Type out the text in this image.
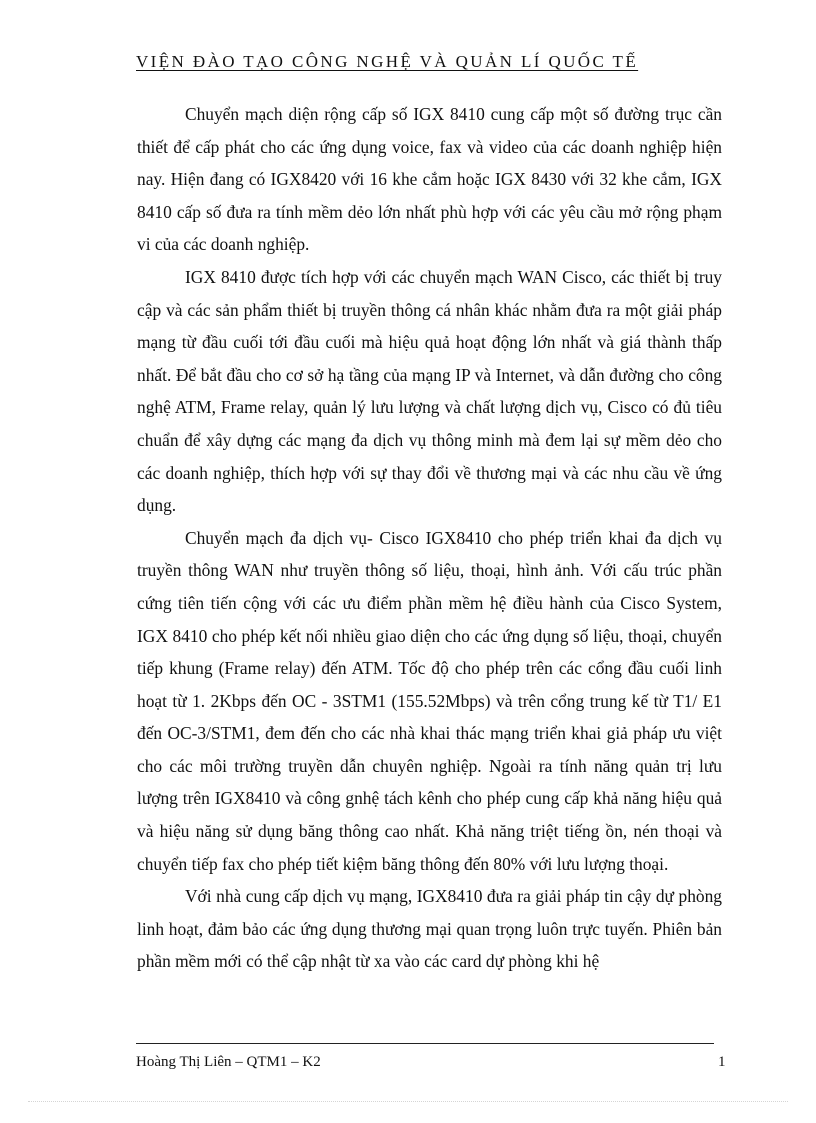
VIỆN ĐÀO TẠO CÔNG NGHỆ VÀ QUẢN LÍ QUỐC TẾ

Chuyển mạch diện rộng cấp số IGX 8410 cung cấp một số đường trục cần thiết để cấp phát cho các ứng dụng voice, fax và video của các doanh nghiệp hiện nay. Hiện đang có IGX8420 với 16 khe cắm hoặc IGX 8430 với 32 khe cắm, IGX 8410 cấp số đưa ra tính mềm dẻo lớn nhất phù hợp với các yêu cầu mở rộng phạm vi của các doanh nghiệp.

IGX 8410 được tích hợp với các chuyển mạch WAN Cisco, các thiết bị truy cập và các sản phẩm thiết bị truyền thông cá nhân khác nhằm đưa ra một giải pháp mạng từ đầu cuối tới đầu cuối mà hiệu quả hoạt động lớn nhất và giá thành thấp nhất. Để bắt đầu cho cơ sở hạ tầng của mạng IP và Internet, và dẫn đường cho công nghệ ATM, Frame relay, quản lý lưu lượng và chất lượng dịch vụ, Cisco có đủ tiêu chuẩn để xây dựng các mạng đa dịch vụ thông minh mà đem lại sự mềm dẻo cho các doanh nghiệp, thích hợp với sự thay đổi về thương mại và các nhu cầu về ứng dụng.

Chuyển mạch đa dịch vụ- Cisco IGX8410 cho phép triển khai đa dịch vụ truyền thông WAN như truyền thông số liệu, thoại, hình ảnh. Với cấu trúc phần cứng tiên tiến cộng với các ưu điểm phần mềm hệ điều hành của Cisco System, IGX 8410 cho phép kết nối nhiều giao diện cho các ứng dụng số liệu, thoại, chuyển tiếp khung (Frame relay) đến ATM. Tốc độ cho phép trên các cổng đầu cuối linh hoạt từ 1. 2Kbps đến OC - 3STM1 (155.52Mbps) và trên cổng trung kế từ T1/ E1 đến OC-3/STM1, đem đến cho các nhà khai thác mạng triển khai giả pháp ưu việt cho các môi trường truyền dẫn chuyên nghiệp. Ngoài ra tính năng quản trị lưu lượng trên IGX8410 và công gnhệ tách kênh cho phép cung cấp khả năng hiệu quả và hiệu năng sử dụng băng thông cao nhất. Khả năng triệt tiếng ồn, nén thoại và chuyển tiếp fax cho phép tiết kiệm băng thông đến 80% với lưu lượng thoại.

Với nhà cung cấp dịch vụ mạng, IGX8410 đưa ra giải pháp tin cậy dự phòng linh hoạt, đảm bảo các ứng dụng thương mại quan trọng luôn trực tuyến. Phiên bản phần mềm mới có thể cập nhật từ xa vào các card dự phòng khi hệ

Hoàng Thị Liên – QTM1 – K2	1
